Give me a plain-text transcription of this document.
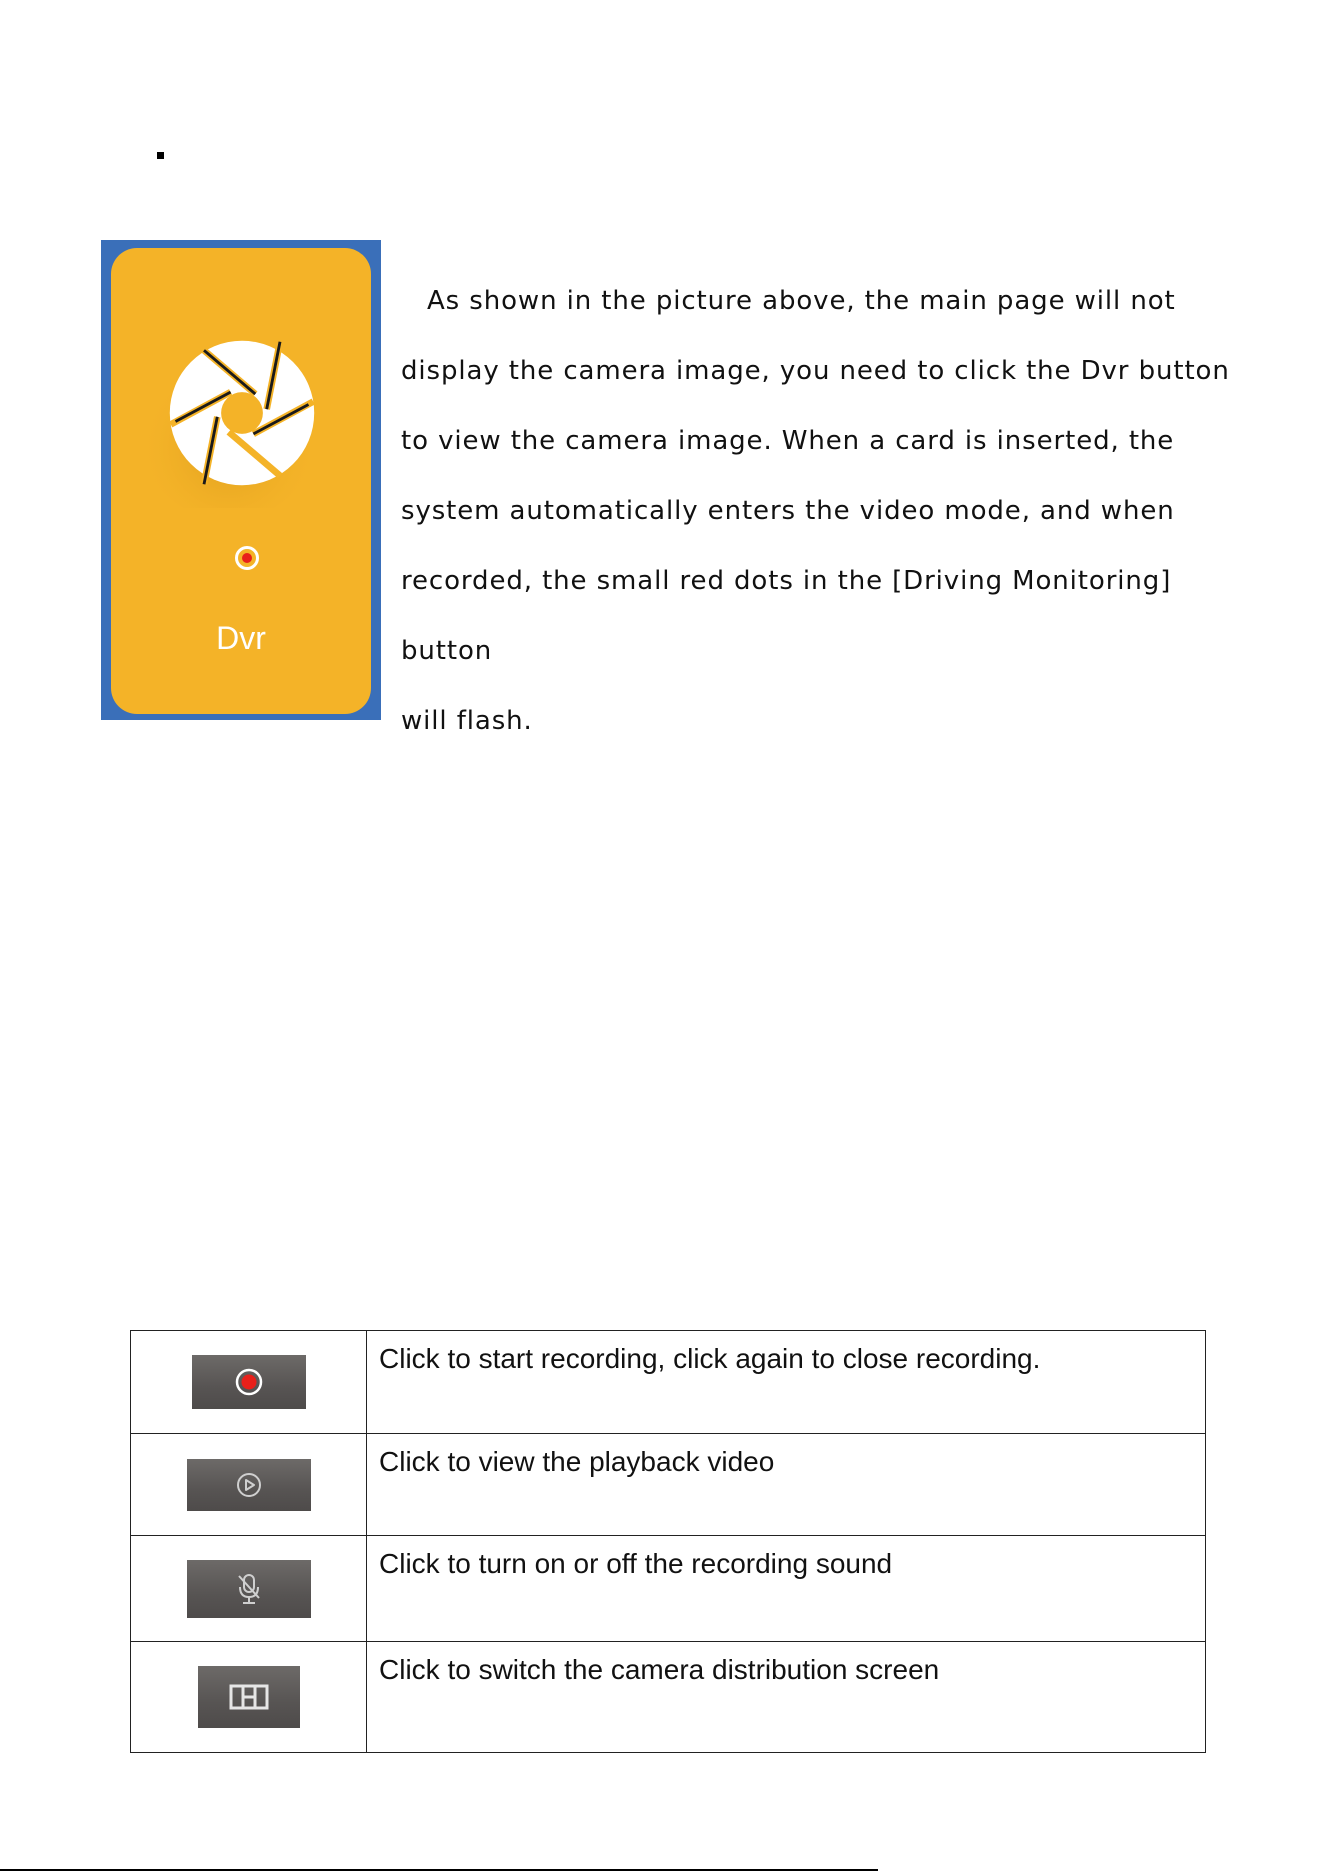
Dvr

As shown in the picture above, the main page will not
display the camera image, you need to click the Dvr button
to view the camera image. When a card is inserted, the
system automatically enters the video mode, and when
recorded, the small red dots in the [Driving Monitoring] button
will flash.

	Click to start recording, click again to close recording.

	Click to view the playback video

	Click to turn on or off the recording sound

	Click to switch the camera distribution screen
